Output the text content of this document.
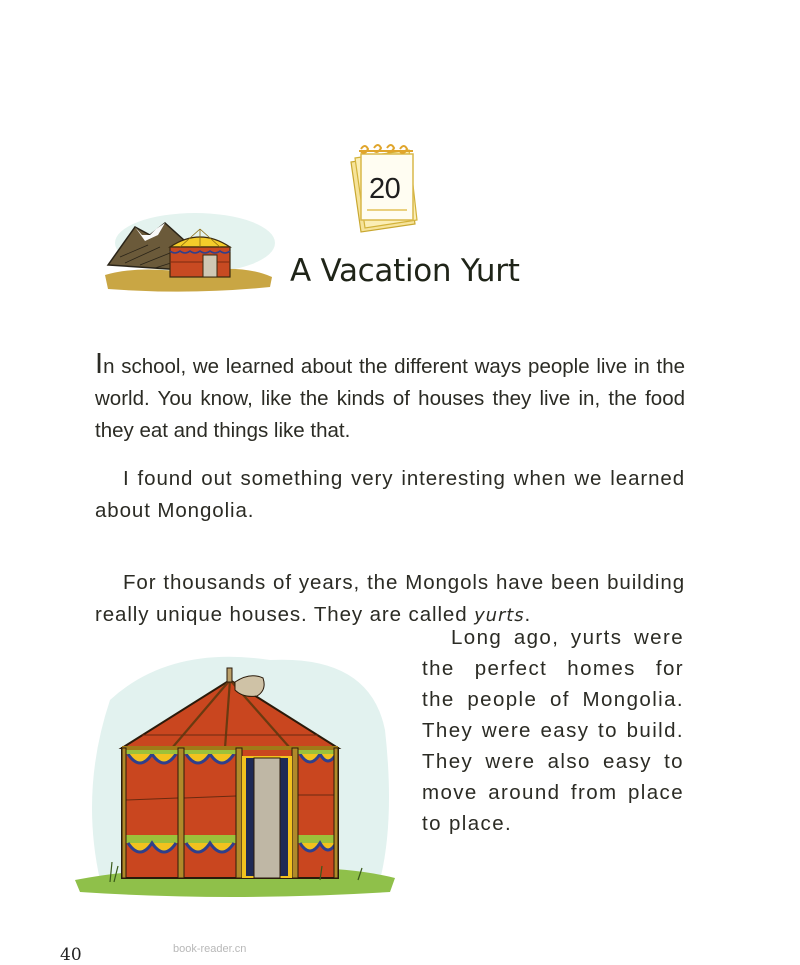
20
A Vacation Yurt

In school, we learned about the different ways people live in the world. You know, like the kinds of houses they live in, the food they eat and things like that.

I found out something very interesting when we learned about Mongolia.

For thousands of years, the Mongols have been building really unique houses. They are called yurts.

Long ago, yurts were the perfect homes for the people of Mongolia. They were easy to build. They were also easy to move around from place to place.

40	book-reader.cn
